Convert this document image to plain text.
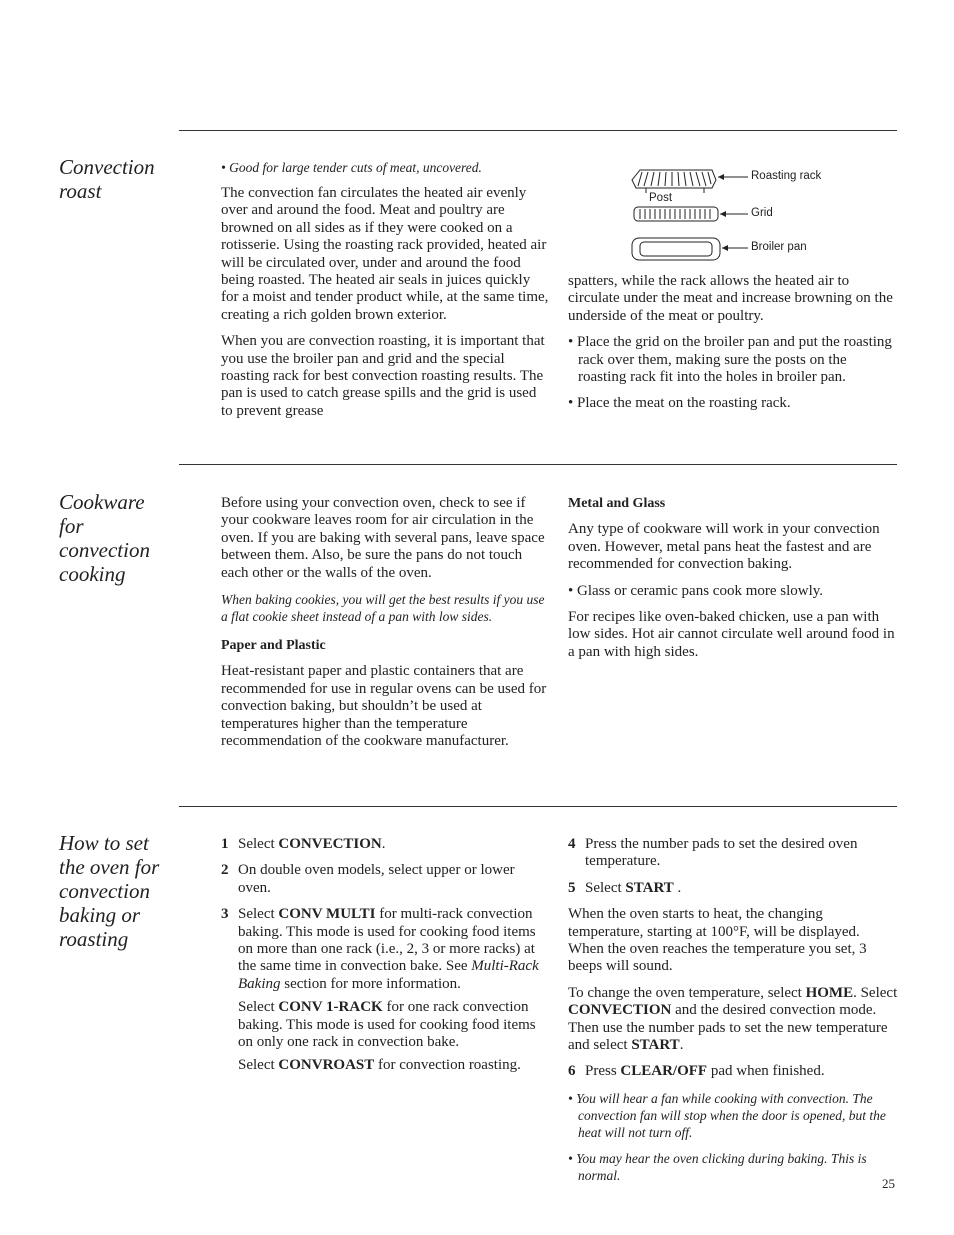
Convection roast

• Good for large tender cuts of meat, uncovered.

The convection fan circulates the heated air evenly over and around the food. Meat and poultry are browned on all sides as if they were cooked on a rotisserie. Using the roasting rack provided, heated air will be circulated over, under and around the food being roasted. The heated air seals in juices quickly for a moist and tender product while, at the same time, creating a rich golden brown exterior.

When you are convection roasting, it is important that you use the broiler pan and grid and the special roasting rack for best convection roasting results. The pan is used to catch grease spills and the grid is used to prevent grease

Roasting rack
Post
Grid
Broiler pan

spatters, while the rack allows the heated air to circulate under the meat and increase browning on the underside of the meat or poultry.

• Place the grid on the broiler pan and put the roasting rack over them, making sure the posts on the roasting rack fit into the holes in broiler pan.

• Place the meat on the roasting rack.

Cookware for convection cooking

Before using your convection oven, check to see if your cookware leaves room for air circulation in the oven. If you are baking with several pans, leave space between them. Also, be sure the pans do not touch each other or the walls of the oven.

When baking cookies, you will get the best results if you use a flat cookie sheet instead of a pan with low sides.

Paper and Plastic

Heat-resistant paper and plastic containers that are recommended for use in regular ovens can be used for convection baking, but shouldn’t be used at temperatures higher than the temperature recommendation of the cookware manufacturer.

Metal and Glass

Any type of cookware will work in your convection oven. However, metal pans heat the fastest and are recommended for convection baking.

• Glass or ceramic pans cook more slowly.

For recipes like oven-baked chicken, use a pan with low sides. Hot air cannot circulate well around food in a pan with high sides.

How to set the oven for convection baking or roasting
1 Select CONVECTION.
2 On double oven models, select upper or lower oven.
3 Select CONV MULTI for multi-rack convection baking. This mode is used for cooking food items on more than one rack (i.e., 2, 3 or more racks) at the same time in convection bake. See Multi-Rack Baking section for more information.
Select CONV 1-RACK for one rack convection baking. This mode is used for cooking food items on only one rack in convection bake.
Select CONVROAST for convection roasting.
4 Press the number pads to set the desired oven temperature.
5 Select START .

When the oven starts to heat, the changing temperature, starting at 100°F, will be displayed. When the oven reaches the temperature you set, 3 beeps will sound.

To change the oven temperature, select HOME. Select CONVECTION and the desired convection mode. Then use the number pads to set the new temperature and select START.

6 Press CLEAR/OFF pad when finished.

• You will hear a fan while cooking with convection. The convection fan will stop when the door is opened, but the heat will not turn off.

• You may hear the oven clicking during baking. This is normal.

25
